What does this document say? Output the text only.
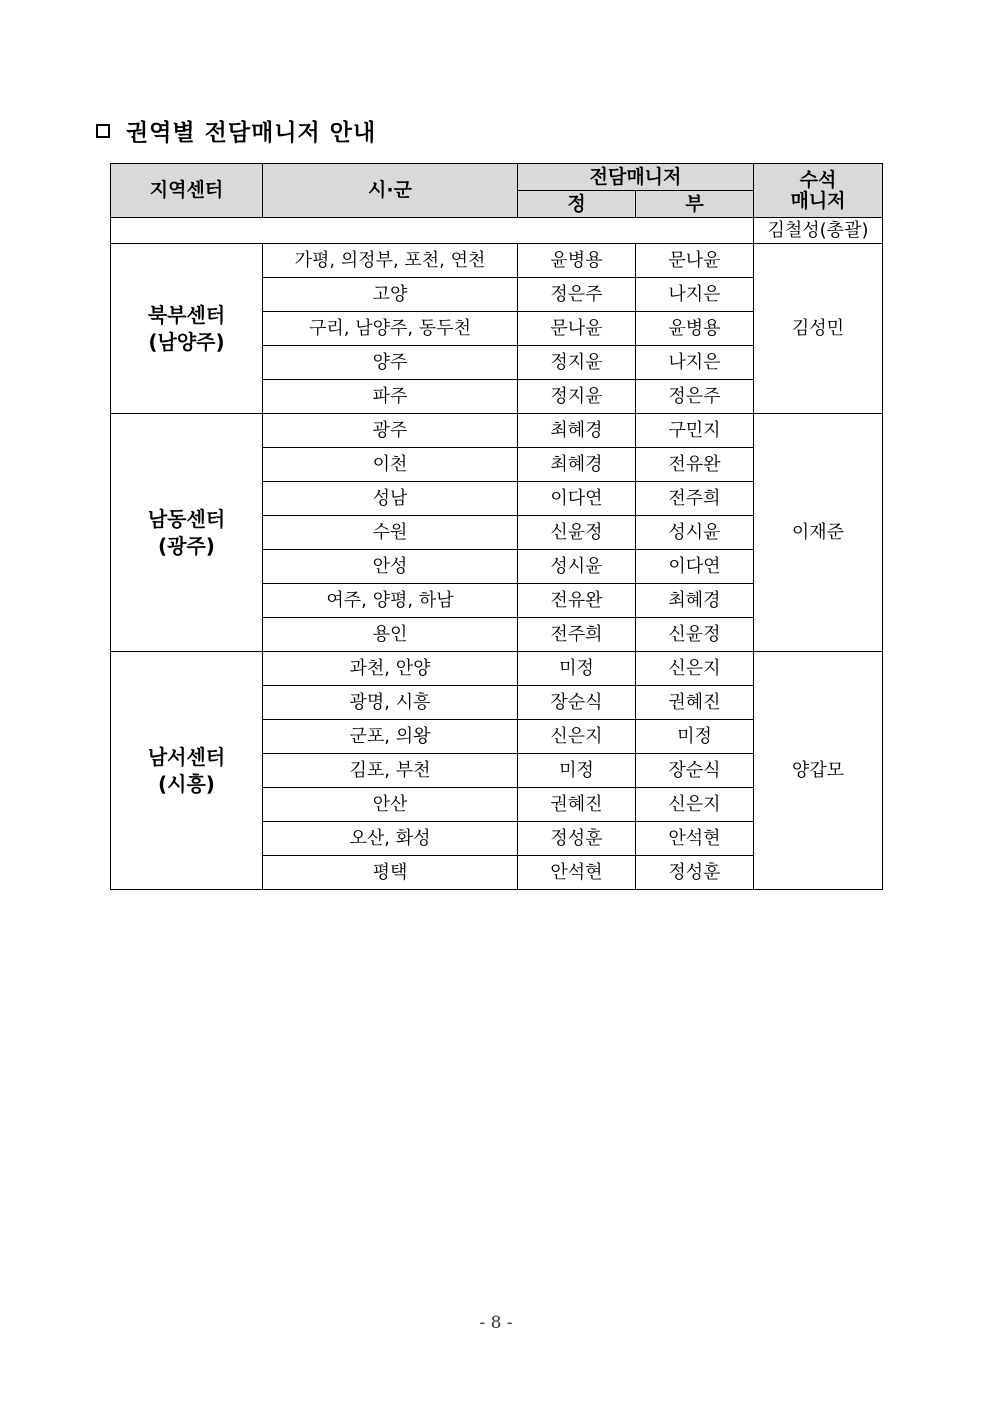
권역별 전담매니저 안내
지역센터	시·군	전담매니저		수석
매니저

		정	부	
				김철성(총괄)

북부센터
(남양주)	가평, 의정부, 포천, 연천	윤병용	문나윤	김성민
	고양	정은주	나지은	
	구리, 남양주, 동두천	문나윤	윤병용	
	양주	정지윤	나지은	
	파주	정지윤	정은주	

남동센터
(광주)	광주	최혜경	구민지	이재준
	이천	최혜경	전유완	
	성남	이다연	전주희	
	수원	신윤정	성시윤	
	안성	성시윤	이다연	
	여주, 양평, 하남	전유완	최혜경	
	용인	전주희	신윤정	

남서센터
(시흥)	과천, 안양	미정	신은지	양갑모
	광명, 시흥	장순식	권혜진	
	군포, 의왕	신은지	미정	
	김포, 부천	미정	장순식	
	안산	권혜진	신은지	
	오산, 화성	정성훈	안석현	
	평택	안석현	정성훈	
- 8 -
